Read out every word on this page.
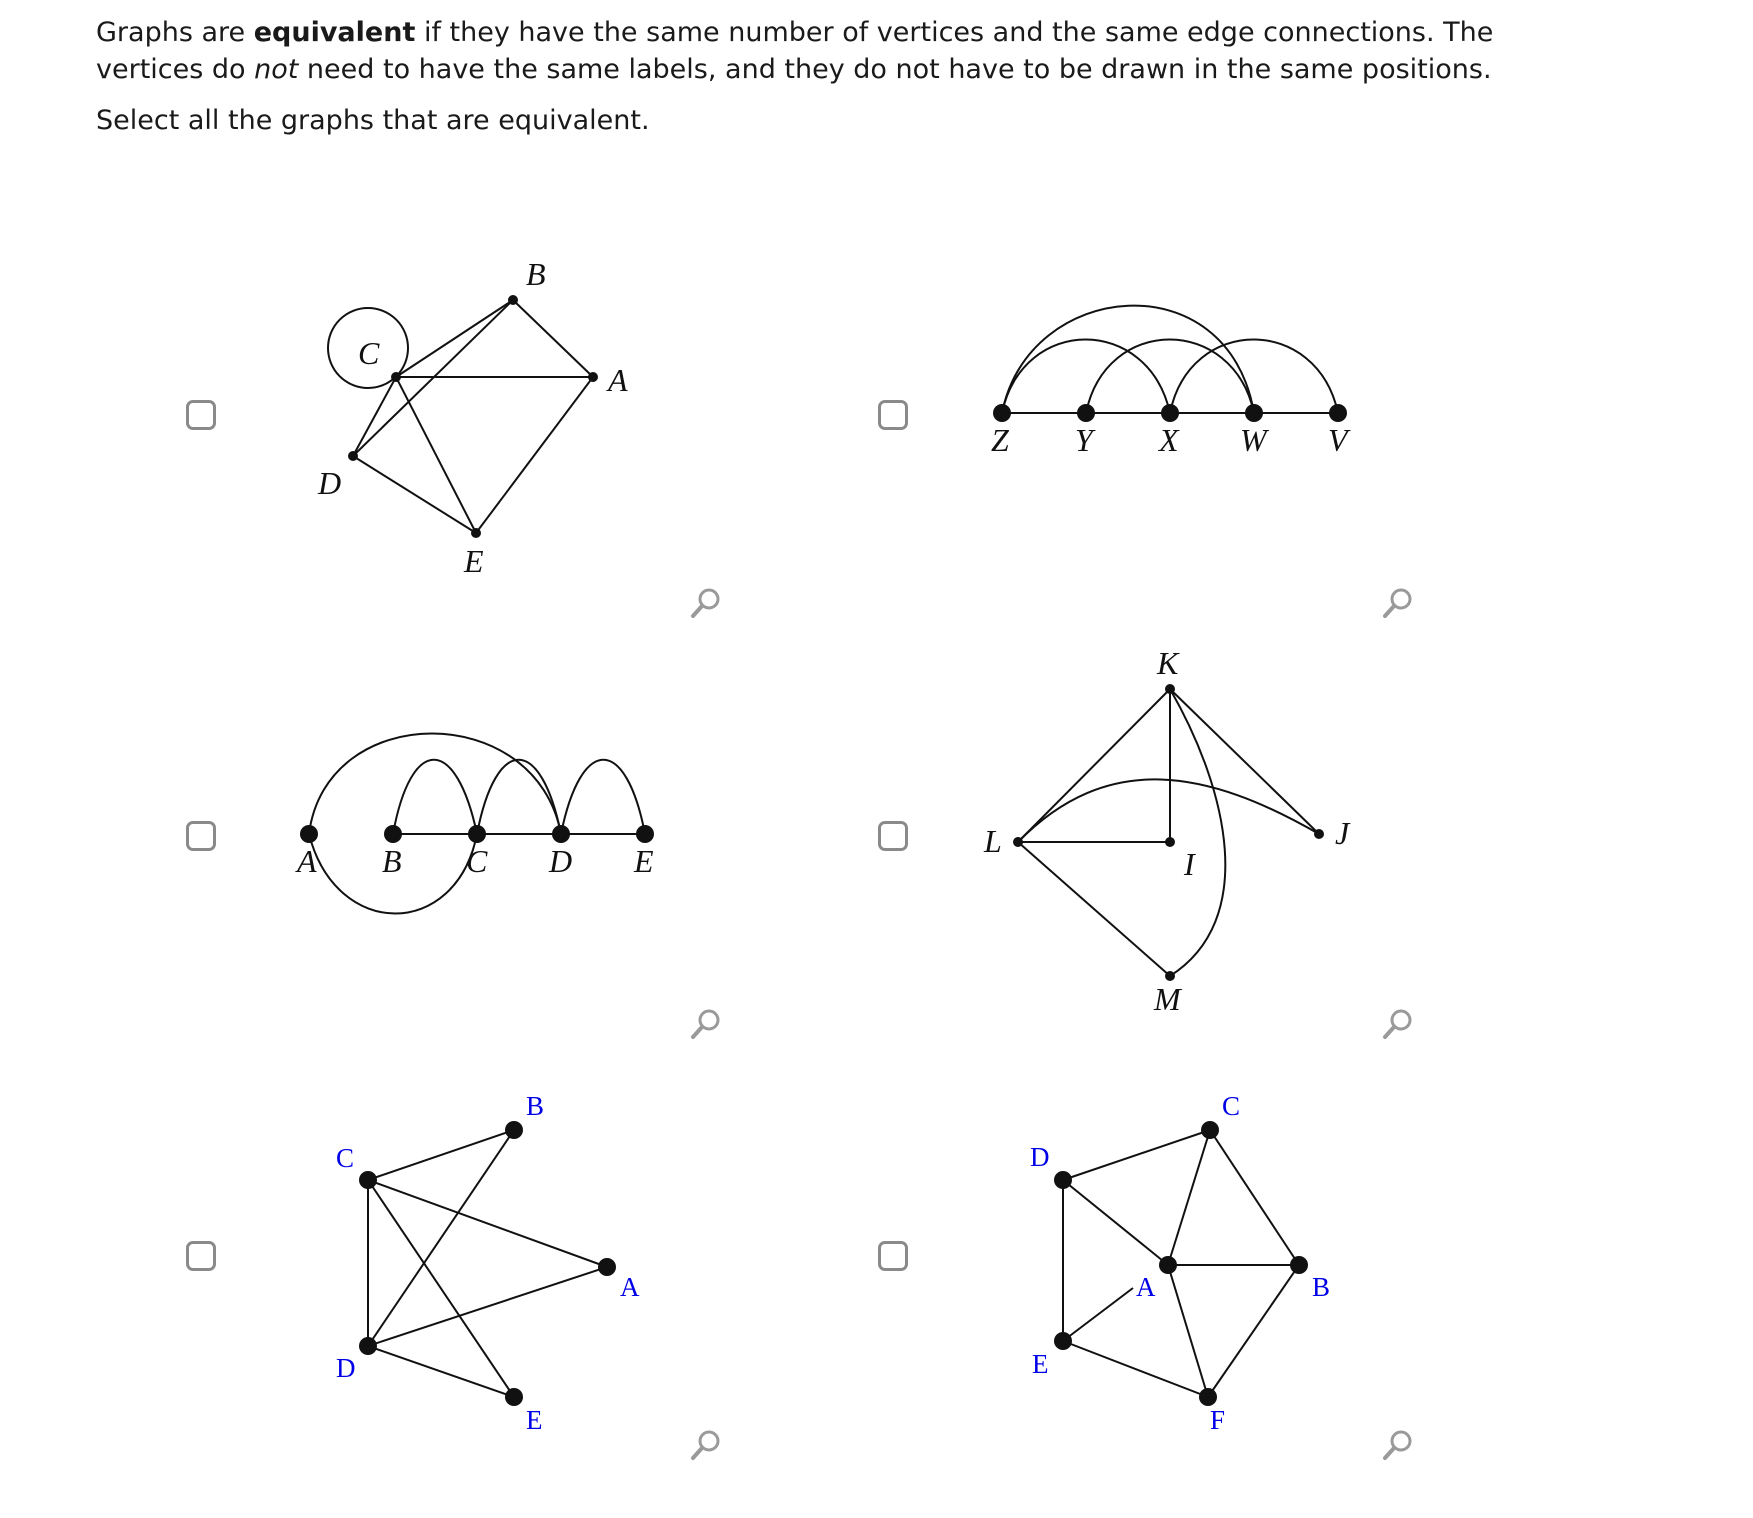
Graphs are equivalent if they have the same number of vertices and the same edge connections. The vertices do not need to have the same labels, and they do not have to be drawn in the same positions.

Select all the graphs that are equivalent.

B
C
A
D
E
Z Y X W V
A B C D E
K
L
I
J
M
B
C
A
D
E
C
D
A	B
E
F
